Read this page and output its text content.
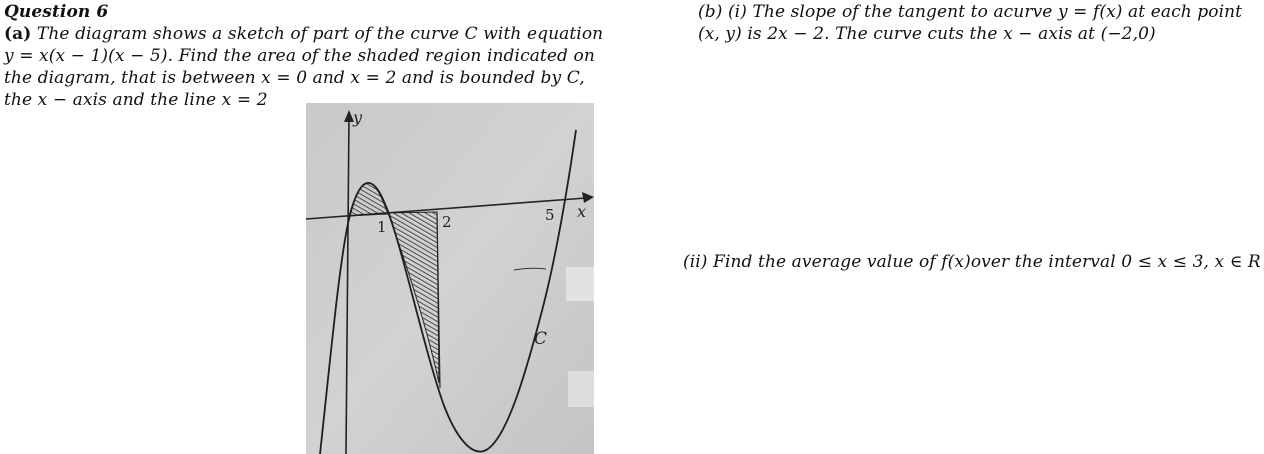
Question 6
(a) The diagram shows a sketch of part of the curve C with equation
y = x(x − 1)(x − 5). Find the area of the shaded region indicated on
the diagram, that is between x = 0 and x = 2 and is bounded by C,
the x − axis and the line x = 2
(b) (i) The slope of the tangent to acurve y = f(x) at each point
(x, y) is 2x − 2. The curve cuts the x − axis at (−2,0)
(ii) Find the average value of f(x)over the interval 0 ≤ x ≤ 3, x ∈ R
y
x
1	2	5
C
